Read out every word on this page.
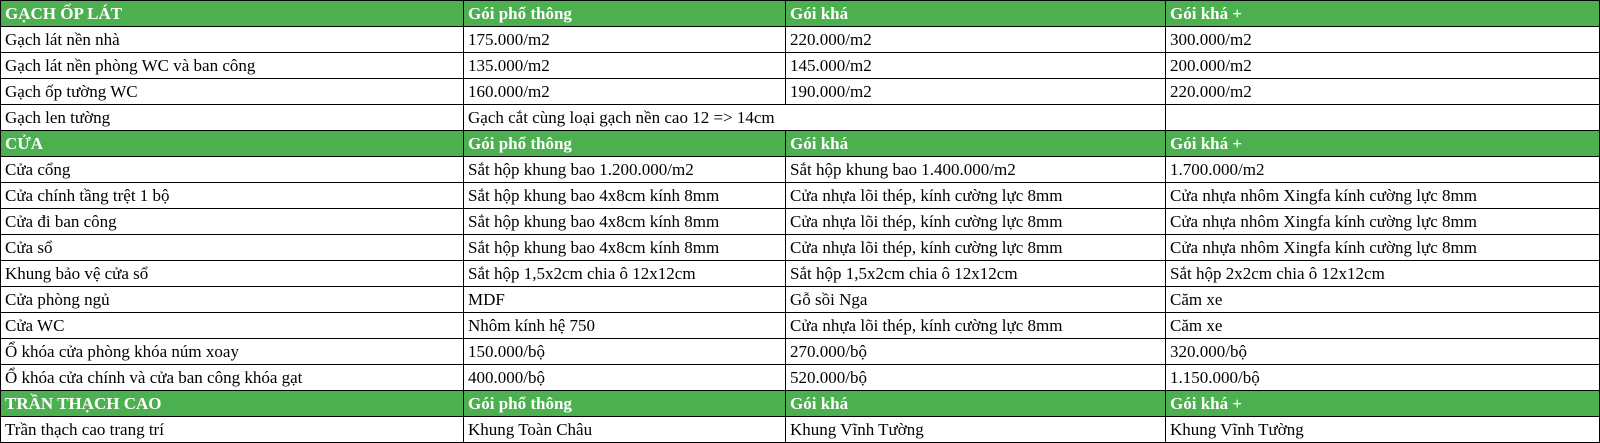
GẠCH ỐP LÁT	Gói phổ thông	Gói khá	Gói khá +
Gạch lát nền nhà	175.000/m2	220.000/m2	300.000/m2
Gạch lát nền phòng WC và ban công	135.000/m2	145.000/m2	200.000/m2
Gạch ốp tường WC	160.000/m2	190.000/m2	220.000/m2
Gạch len tường	Gạch cắt cùng loại gạch nền cao 12 => 14cm		
CỬA	Gói phổ thông	Gói khá	Gói khá +
Cửa cổng	Sắt hộp khung bao 1.200.000/m2	Sắt hộp khung bao 1.400.000/m2	1.700.000/m2
Cửa chính tầng trệt 1 bộ	Sắt hộp khung bao 4x8cm kính 8mm	Cửa nhựa lõi thép, kính cường lực 8mm	Cửa nhựa nhôm Xingfa kính cường lực 8mm
Cửa đi ban công	Sắt hộp khung bao 4x8cm kính 8mm	Cửa nhựa lõi thép, kính cường lực 8mm	Cửa nhựa nhôm Xingfa kính cường lực 8mm
Cửa sổ	Sắt hộp khung bao 4x8cm kính 8mm	Cửa nhựa lõi thép, kính cường lực 8mm	Cửa nhựa nhôm Xingfa kính cường lực 8mm
Khung bảo vệ cửa sổ	Sắt hộp 1,5x2cm chia ô 12x12cm	Sắt hộp 1,5x2cm chia ô 12x12cm	Sắt hộp 2x2cm chia ô 12x12cm
Cửa phòng ngủ	MDF	Gỗ sồi Nga	Căm xe
Cửa WC	Nhôm kính hệ 750	Cửa nhựa lõi thép, kính cường lực 8mm	Căm xe
Ổ khóa cửa phòng khóa núm xoay	150.000/bộ	270.000/bộ	320.000/bộ
Ổ khóa cửa chính và cửa ban công khóa gạt	400.000/bộ	520.000/bộ	1.150.000/bộ
TRẦN THẠCH CAO	Gói phổ thông	Gói khá	Gói khá +
Trần thạch cao trang trí	Khung Toàn Châu	Khung Vĩnh Tường	Khung Vĩnh Tường
